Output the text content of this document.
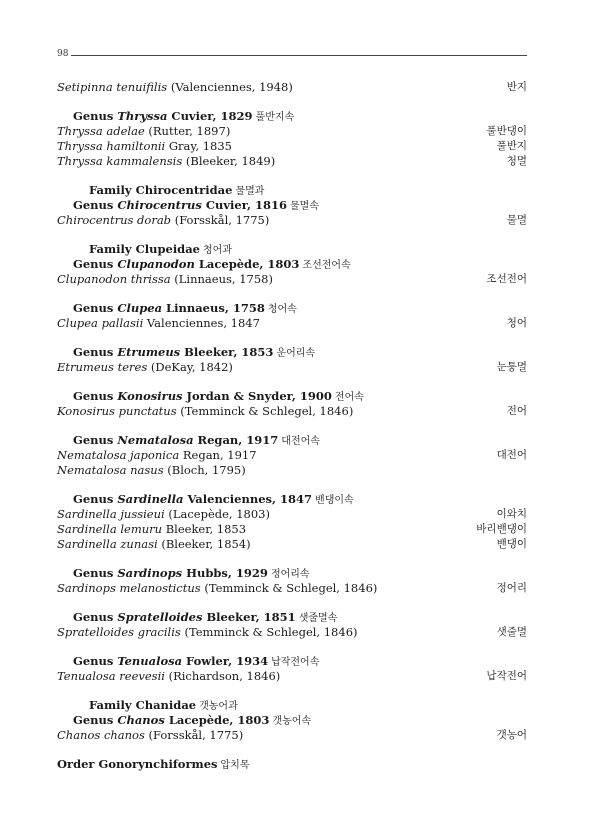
98
Setipinna tenuifilis (Valenciennes, 1948)	반지
Genus Thryssa Cuvier, 1829 풀반지속
Thryssa adelae (Rutter, 1897)	풀반댕이
Thryssa hamiltonii Gray, 1835	풀반지
Thryssa kammalensis (Bleeker, 1849)	청멸
Family Chirocentridae 물멸과
Genus Chirocentrus Cuvier, 1816 물멸속
Chirocentrus dorab (Forsskål, 1775)	물멸
Family Clupeidae 청어과
Genus Clupanodon Lacepède, 1803 조선전어속
Clupanodon thrissa (Linnaeus, 1758)	조선전어
Genus Clupea Linnaeus, 1758 청어속
Clupea pallasii Valenciennes, 1847	청어
Genus Etrumeus Bleeker, 1853 운어리속
Etrumeus teres (DeKay, 1842)	눈퉁멸
Genus Konosirus Jordan & Snyder, 1900 전어속
Konosirus punctatus (Temminck & Schlegel, 1846)	전어
Genus Nematalosa Regan, 1917 대전어속
Nematalosa japonica Regan, 1917	대전어
Nematalosa nasus (Bloch, 1795)
Genus Sardinella Valenciennes, 1847 밴댕이속
Sardinella jussieui (Lacepède, 1803)	이와치
Sardinella lemuru Bleeker, 1853	바리밴댕이
Sardinella zunasi (Bleeker, 1854)	밴댕이
Genus Sardinops Hubbs, 1929 정어리속
Sardinops melanostictus (Temminck & Schlegel, 1846)	정어리
Genus Spratelloides Bleeker, 1851 샛줄멸속
Spratelloides gracilis (Temminck & Schlegel, 1846)	샛줄멸
Genus Tenualosa Fowler, 1934 납작전어속
Tenualosa reevesii (Richardson, 1846)	납작전어
Family Chanidae 갯농어과
Genus Chanos Lacepède, 1803 갯농어속
Chanos chanos (Forsskål, 1775)	갯농어
Order Gonorynchiformes 압치목
